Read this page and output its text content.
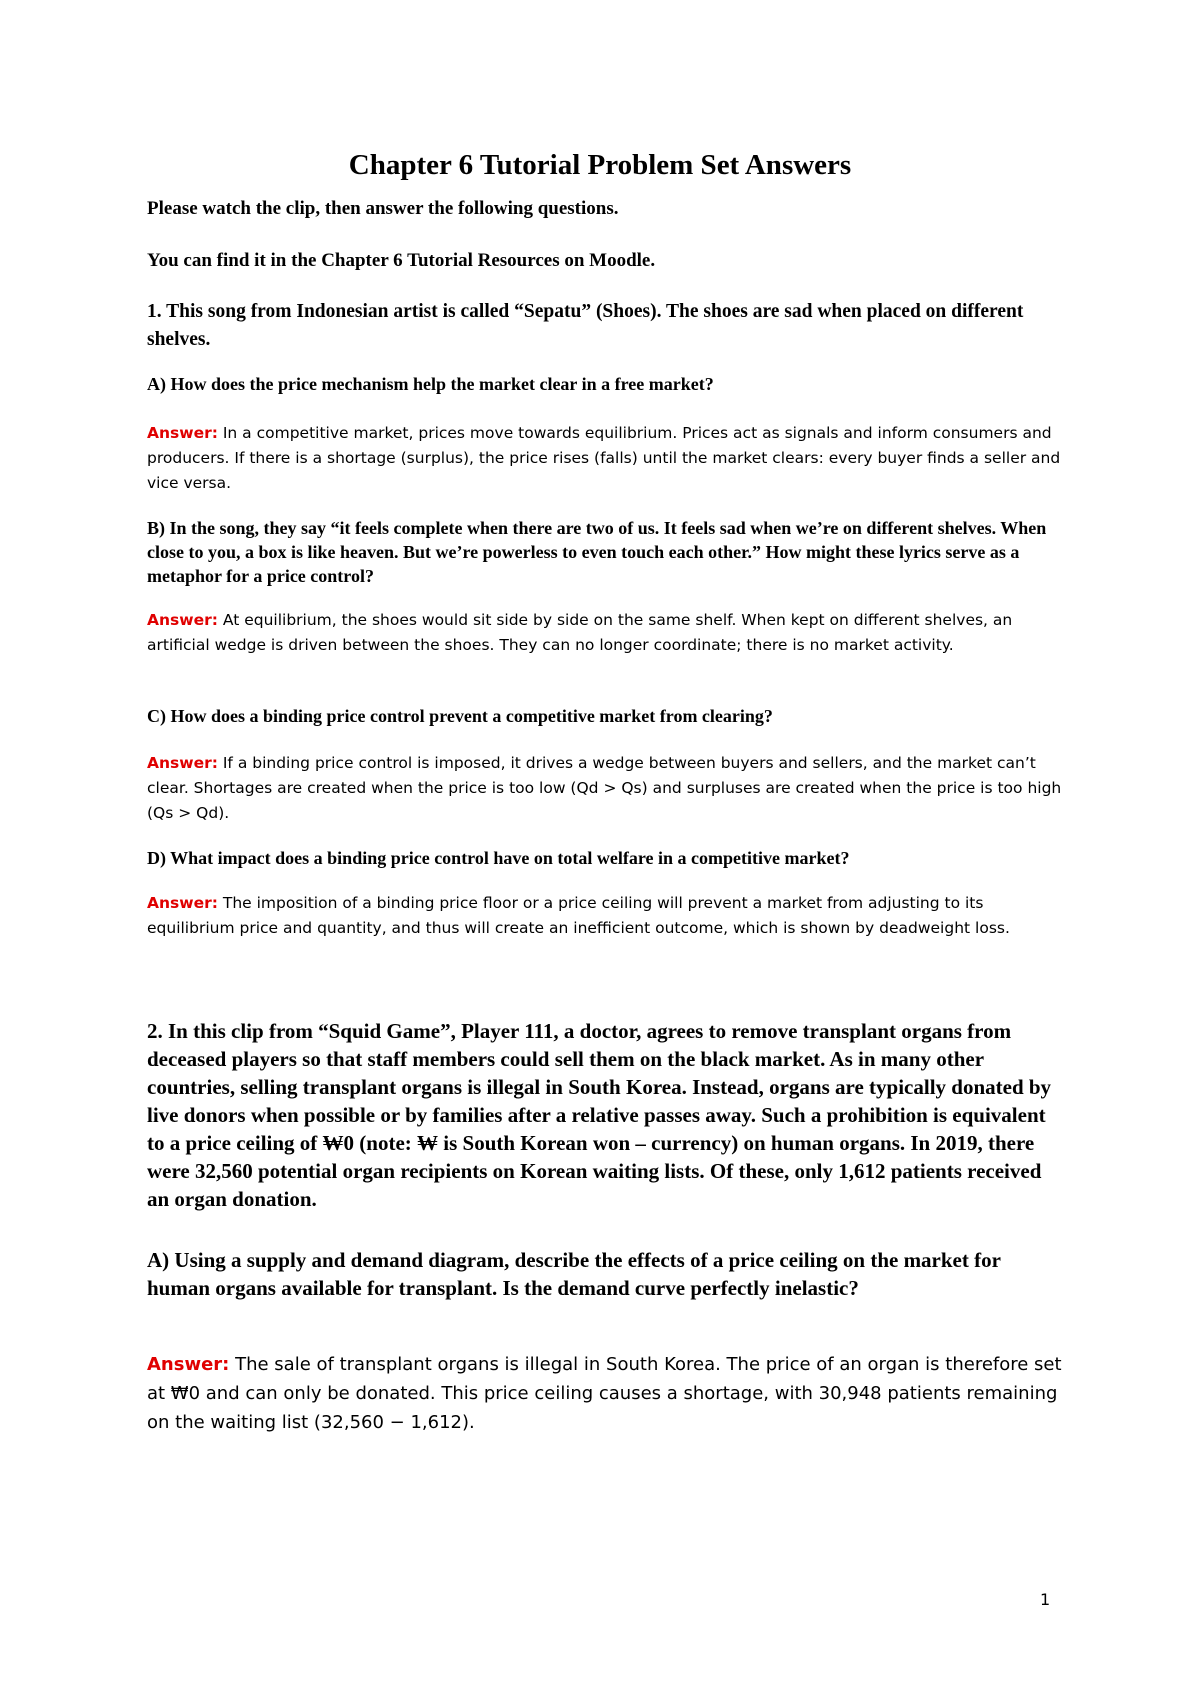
Chapter 6 Tutorial Problem Set Answers

Please watch the clip, then answer the following questions.

You can find it in the Chapter 6 Tutorial Resources on Moodle.

1. This song from Indonesian artist is called “Sepatu” (Shoes). The shoes are sad when placed on different shelves.

A) How does the price mechanism help the market clear in a free market?

Answer: In a competitive market, prices move towards equilibrium. Prices act as signals and inform consumers and producers. If there is a shortage (surplus), the price rises (falls) until the market clears: every buyer finds a seller and vice versa.

B) In the song, they say “it feels complete when there are two of us. It feels sad when we’re on different shelves. When close to you, a box is like heaven. But we’re powerless to even touch each other.” How might these lyrics serve as a metaphor for a price control?

Answer: At equilibrium, the shoes would sit side by side on the same shelf. When kept on different shelves, an artificial wedge is driven between the shoes. They can no longer coordinate; there is no market activity.

C) How does a binding price control prevent a competitive market from clearing?

Answer: If a binding price control is imposed, it drives a wedge between buyers and sellers, and the market can’t clear. Shortages are created when the price is too low (Qd > Qs) and surpluses are created when the price is too high (Qs > Qd).

D) What impact does a binding price control have on total welfare in a competitive market?

Answer: The imposition of a binding price floor or a price ceiling will prevent a market from adjusting to its equilibrium price and quantity, and thus will create an inefficient outcome, which is shown by deadweight loss.

2. In this clip from “Squid Game”, Player 111, a doctor, agrees to remove transplant organs from deceased players so that staff members could sell them on the black market. As in many other countries, selling transplant organs is illegal in South Korea. Instead, organs are typically donated by live donors when possible or by families after a relative passes away. Such a prohibition is equivalent to a price ceiling of ₩0 (note: ₩ is South Korean won – currency) on human organs. In 2019, there were 32,560 potential organ recipients on Korean waiting lists. Of these, only 1,612 patients received an organ donation.

A) Using a supply and demand diagram, describe the effects of a price ceiling on the market for human organs available for transplant. Is the demand curve perfectly inelastic?

Answer: The sale of transplant organs is illegal in South Korea. The price of an organ is therefore set at ₩0 and can only be donated. This price ceiling causes a shortage, with 30,948 patients remaining on the waiting list (32,560 − 1,612).

1
